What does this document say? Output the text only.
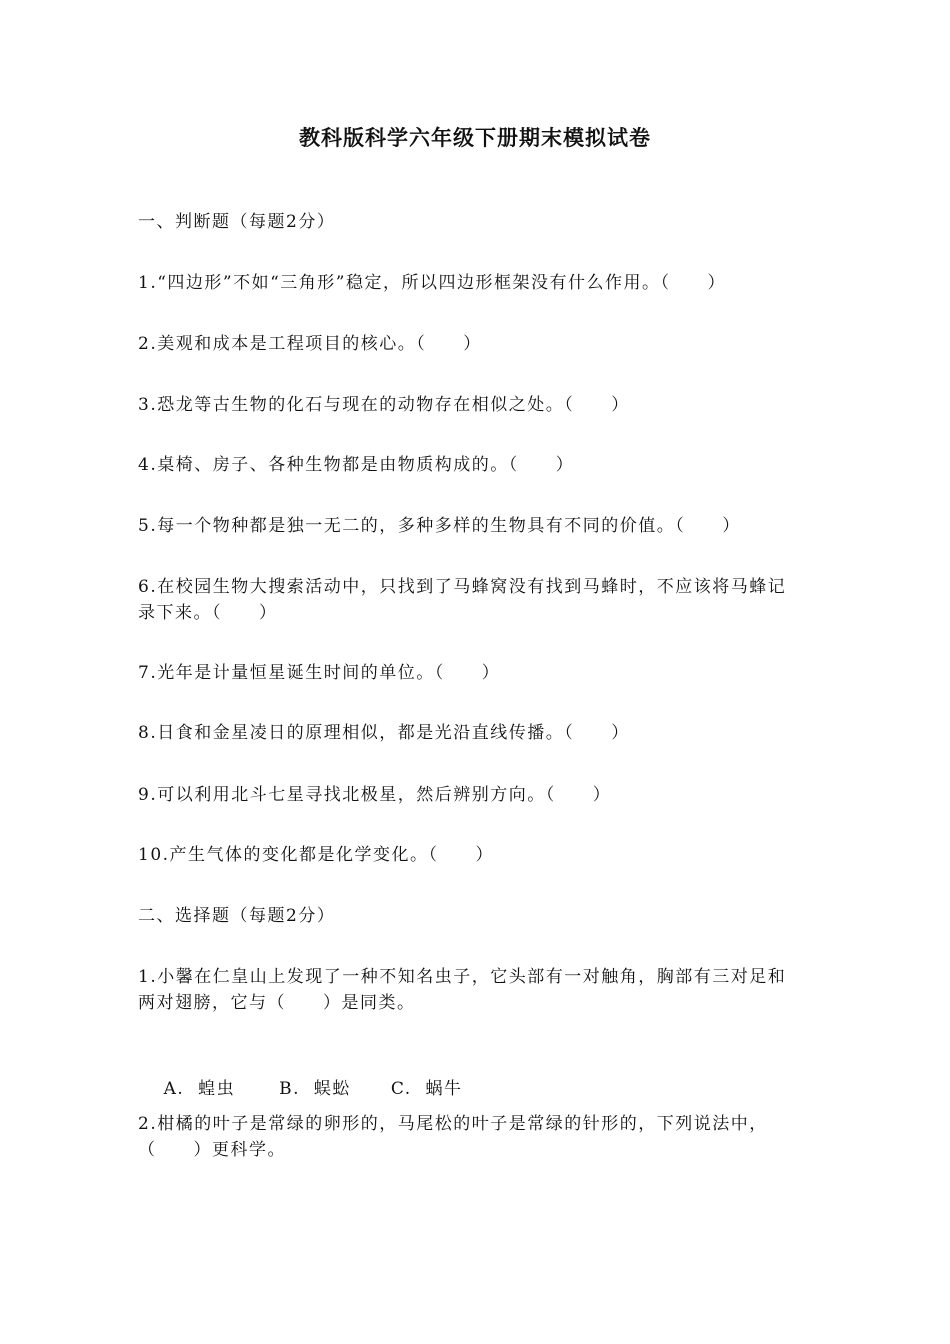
教科版科学六年级下册期末模拟试卷
一、判断题（每题2分）
1.“四边形”不如“三角形”稳定，所以四边形框架没有什么作用。（　　）
2.美观和成本是工程项目的核心。（　　）
3.恐龙等古生物的化石与现在的动物存在相似之处。（　　）
4.桌椅、房子、各种生物都是由物质构成的。（　　）
5.每一个物种都是独一无二的，多种多样的生物具有不同的价值。（　　）
6.在校园生物大搜索活动中，只找到了马蜂窝没有找到马蜂时，不应该将马蜂记录下来。（　　）
7.光年是计量恒星诞生时间的单位。（　　）
8.日食和金星凌日的原理相似，都是光沿直线传播。（　　）
9.可以利用北斗七星寻找北极星，然后辨别方向。（　　）
10.产生气体的变化都是化学变化。（　　）
二、选择题（每题2分）
1.小馨在仁皇山上发现了一种不知名虫子，它头部有一对触角，胸部有三对足和两对翅膀，它与（　　）是同类。

A.  蝗虫	B.  蜈蚣 C.  蜗牛

2.柑橘的叶子是常绿的卵形的，马尾松的叶子是常绿的针形的，下列说法中，（　　）更科学。
